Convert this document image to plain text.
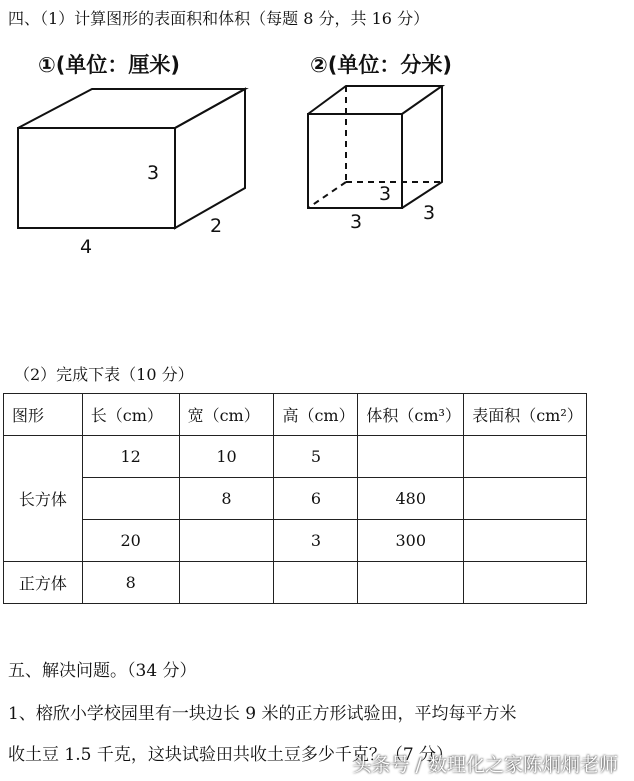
四、（1）计算图形的表面积和体积（每题 8 分，共 16 分）
①(单位：厘米)	②(单位：分米)
3
2
4
3	3
3
（2）完成下表（10 分）
图形	长（cm）	宽（cm）	高（cm）	体积（cm³）	表面积（cm²）
长方体	12	10	5		
		8	6	480	
	20		3	300	
正方体	8				
五、解决问题。（34 分）
1、榕欣小学校园里有一块边长 9 米的正方形试验田，平均每平方米
收土豆 1.5 千克，这块试验田共收土豆多少千克？（7 分）
头条号 / 数理化之家陈炯炯老师
